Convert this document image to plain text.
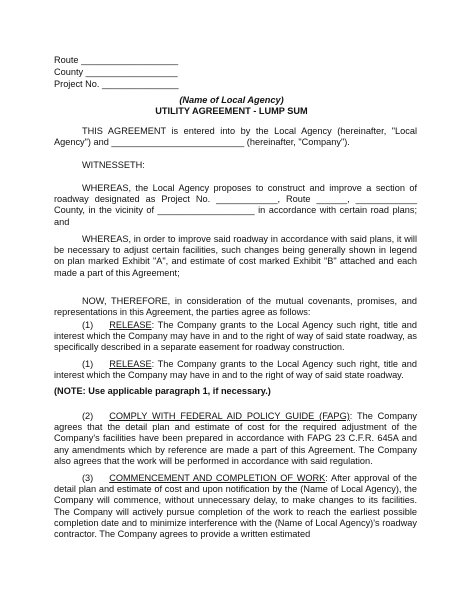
Route ___________________
County __________________
Project No. _______________
(Name of Local Agency)
UTILITY AGREEMENT - LUMP SUM
THIS AGREEMENT is entered into by the Local Agency (hereinafter, "Local Agency") and __________________________ (hereinafter, "Company").
WITNESSETH:
WHEREAS, the Local Agency proposes to construct and improve a section of roadway designated as Project No. ____________, Route ______, ____________ County, in the vicinity of ___________________ in accordance with certain road plans; and
WHEREAS, in order to improve said roadway in accordance with said plans, it will be necessary to adjust certain facilities, such changes being generally shown in legend on plan marked Exhibit "A", and estimate of cost marked Exhibit "B" attached and each made a part of this Agreement;
NOW, THEREFORE, in consideration of the mutual covenants, promises, and representations in this Agreement, the parties agree as follows:
(1) RELEASE: The Company grants to the Local Agency such right, title and interest which the Company may have in and to the right of way of said state roadway, as specifically described in a separate easement for roadway construction.
(1) RELEASE: The Company grants to the Local Agency such right, title and interest which the Company may have in and to the right of way of said state roadway.
(NOTE: Use applicable paragraph 1, if necessary.)
(2) COMPLY WITH FEDERAL AID POLICY GUIDE (FAPG): The Company agrees that the detail plan and estimate of cost for the required adjustment of the Company's facilities have been prepared in accordance with FAPG 23 C.F.R. 645A and any amendments which by reference are made a part of this Agreement. The Company also agrees that the work will be performed in accordance with said regulation.
(3) COMMENCEMENT AND COMPLETION OF WORK: After approval of the detail plan and estimate of cost and upon notification by the (Name of Local Agency), the Company will commence, without unnecessary delay, to make changes to its facilities. The Company will actively pursue completion of the work to reach the earliest possible completion date and to minimize interference with the (Name of Local Agency)'s roadway contractor. The Company agrees to provide a written estimated
